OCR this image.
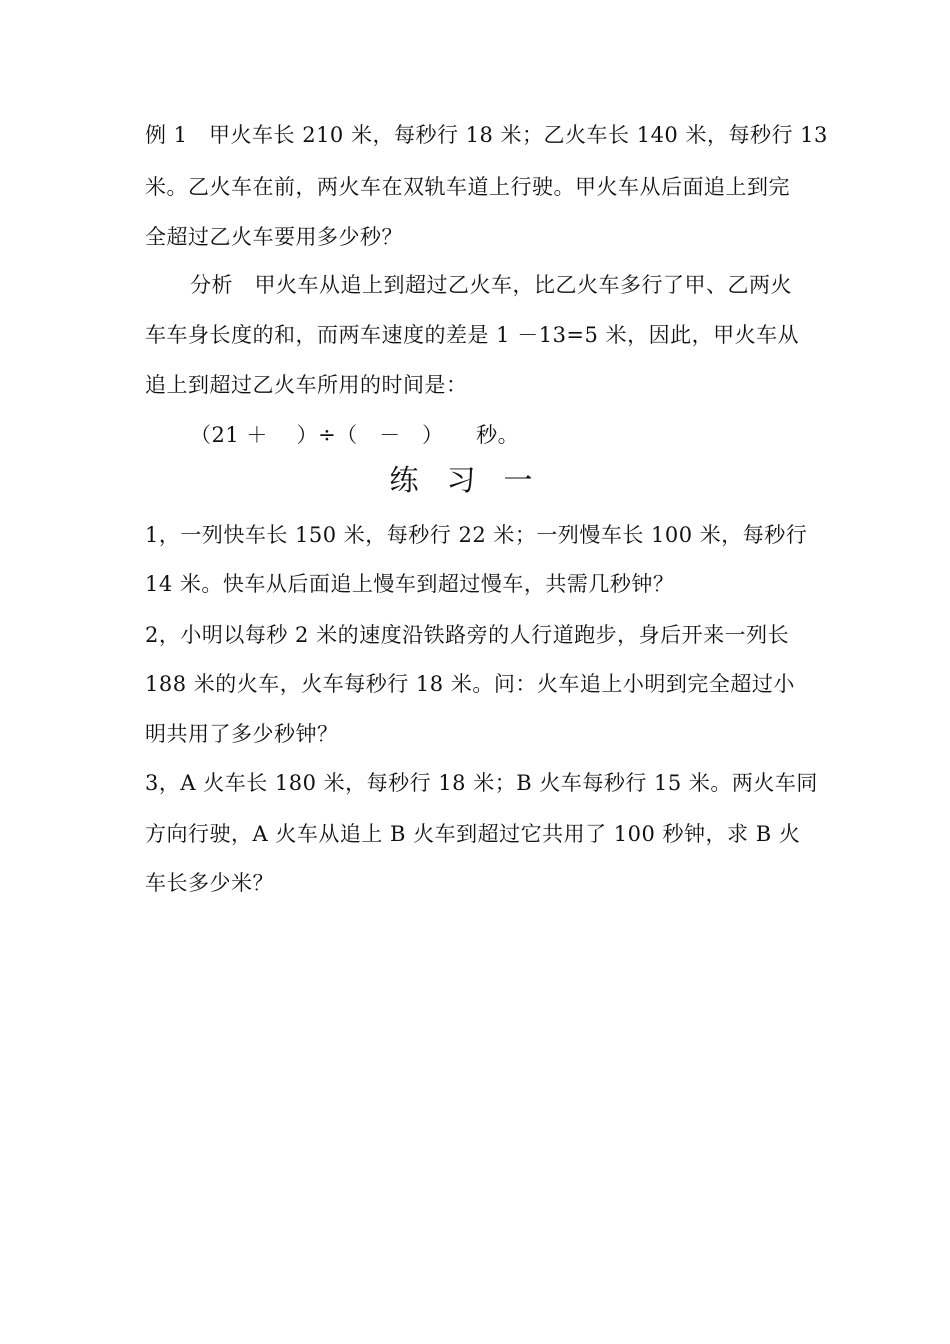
例 1　甲火车长 210 米，每秒行 18 米；乙火车长 140 米，每秒行 13
米。乙火车在前，两火车在双轨车道上行驶。甲火车从后面追上到完
全超过乙火车要用多少秒？
分析　甲火车从追上到超过乙火车，比乙火车多行了甲、乙两火
车车身长度的和，而两车速度的差是 1 －13=5 米，因此，甲火车从
追上到超过乙火车所用的时间是：
（21 ＋　 ）÷（　－　）　　秒。
练习一
1，一列快车长 150 米，每秒行 22 米；一列慢车长 100 米，每秒行
14 米。快车从后面追上慢车到超过慢车，共需几秒钟？
2，小明以每秒 2 米的速度沿铁路旁的人行道跑步，身后开来一列长
188 米的火车，火车每秒行 18 米。问：火车追上小明到完全超过小
明共用了多少秒钟？
3，A 火车长 180 米，每秒行 18 米；B 火车每秒行 15 米。两火车同
方向行驶，A 火车从追上 B 火车到超过它共用了 100 秒钟，求 B 火
车长多少米？
